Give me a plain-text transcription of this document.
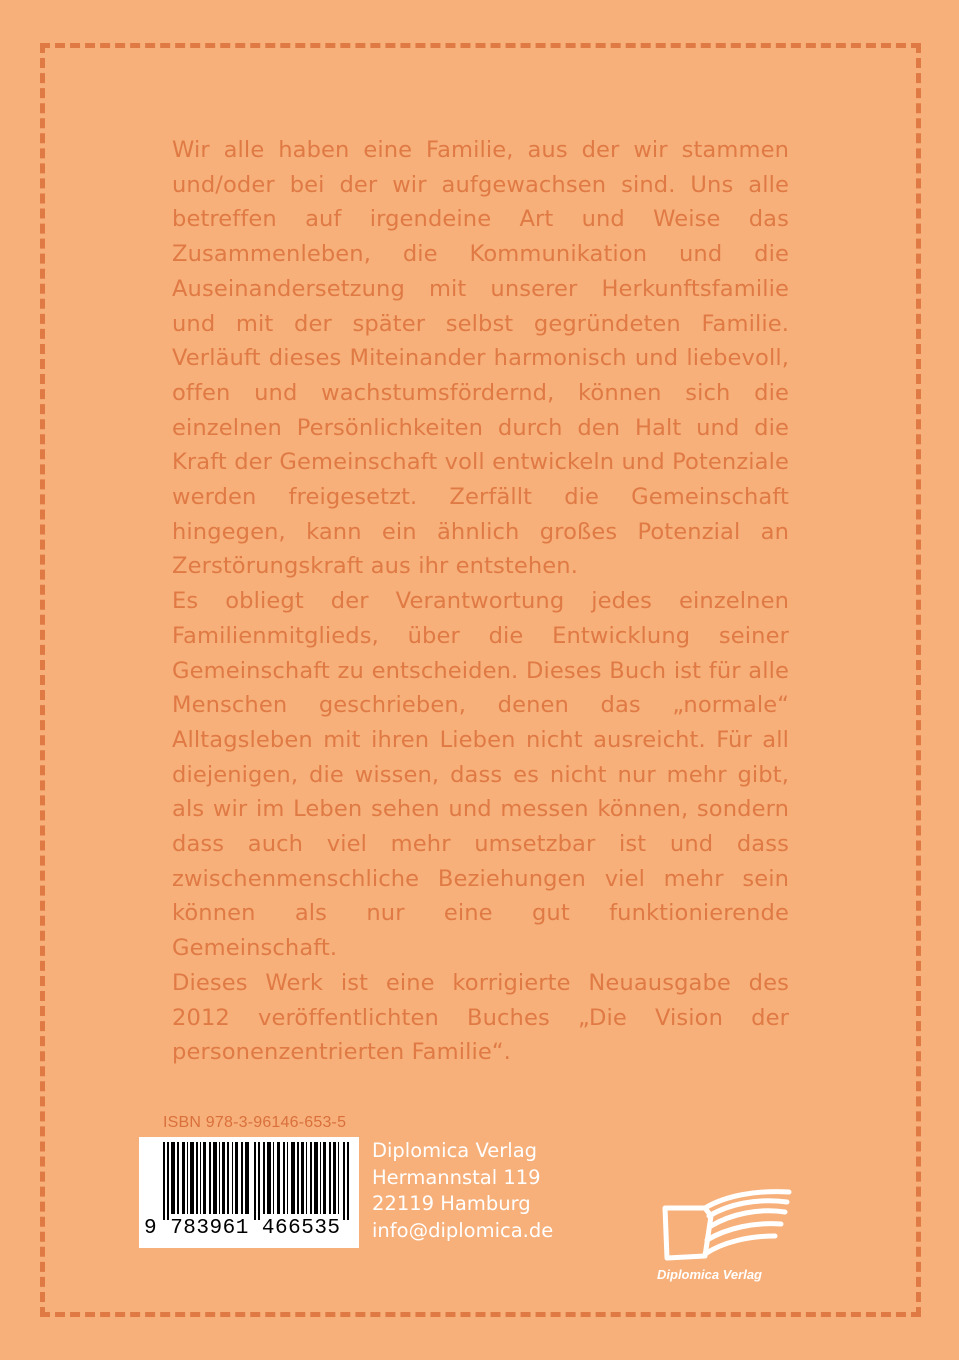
Wir alle haben eine Familie, aus der wir stammen und/oder bei der wir aufgewachsen sind. Uns alle betreffen auf irgendeine Art und Weise das Zusammenleben, die Kommunikation und die Auseinandersetzung mit unserer Herkunftsfamilie und mit der später selbst gegründeten Familie. Verläuft dieses Miteinander harmonisch und liebevoll, offen und wachstumsfördernd, können sich die einzelnen Persönlichkeiten durch den Halt und die Kraft der Gemeinschaft voll entwickeln und Potenziale werden freigesetzt. Zerfällt die Gemeinschaft hingegen, kann ein ähnlich großes Potenzial an Zerstörungskraft aus ihr entstehen.

Es obliegt der Verantwortung jedes einzelnen Familienmitglieds, über die Entwicklung seiner Gemeinschaft zu entscheiden. Dieses Buch ist für alle Menschen geschrieben, denen das „normale“ Alltagsleben mit ihren Lieben nicht ausreicht. Für all diejenigen, die wissen, dass es nicht nur mehr gibt, als wir im Leben sehen und messen können, sondern dass auch viel mehr umsetzbar ist und dass zwischenmenschliche Beziehungen viel mehr sein können als nur eine gut funktionierende Gemeinschaft.

Dieses Werk ist eine korrigierte Neuausgabe des 2012 veröffentlichten Buches „Die Vision der personenzentrierten Familie“.

ISBN 978-3-96146-653-5
9 783961 466535
Diplomica Verlag
Hermannstal 119
22119 Hamburg
info@diplomica.de
Diplomica Verlag
